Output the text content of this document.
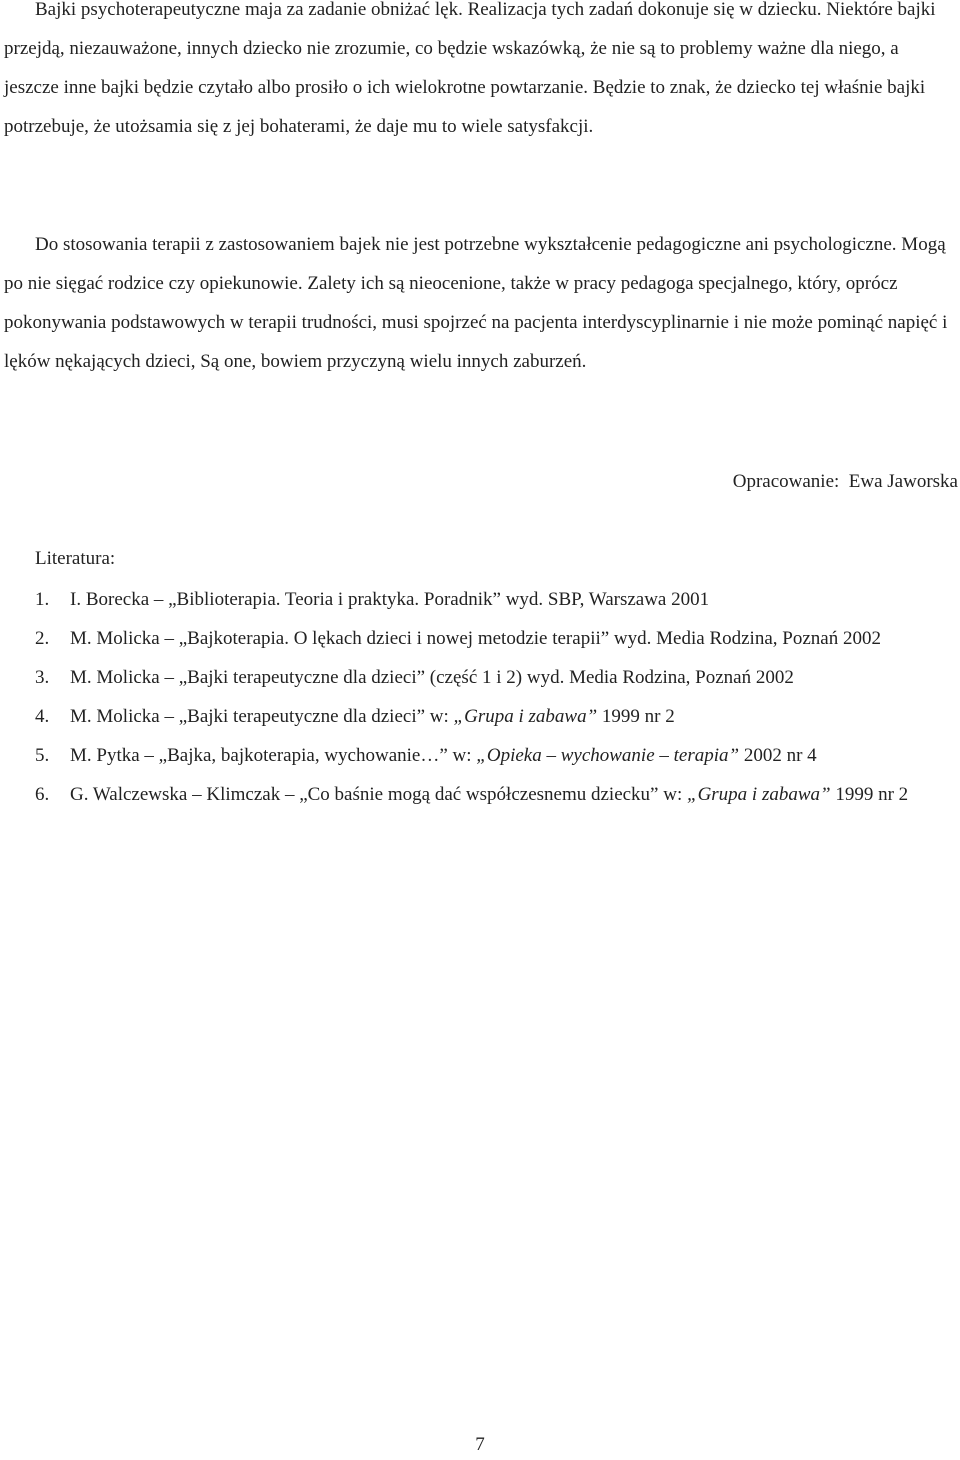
Bajki psychoterapeutyczne maja za zadanie obniżać lęk. Realizacja tych zadań dokonuje się w dziecku. Niektóre bajki przejdą, niezauważone, innych dziecko nie zrozumie, co będzie wskazówką, że nie są to problemy ważne dla niego, a jeszcze inne bajki będzie czytało albo prosiło o ich wielokrotne powtarzanie. Będzie to znak, że dziecko tej właśnie bajki potrzebuje, że utożsamia się z jej bohaterami, że daje mu to wiele satysfakcji.

Do stosowania terapii z zastosowaniem bajek nie jest potrzebne wykształcenie pedagogiczne ani psychologiczne. Mogą po nie sięgać rodzice czy opiekunowie. Zalety ich są nieocenione, także w pracy pedagoga specjalnego, który, oprócz pokonywania podstawowych w terapii trudności, musi spojrzeć na pacjenta interdyscyplinarnie i nie może pominąć napięć i lęków nękających dzieci, Są one, bowiem przyczyną wielu innych zaburzeń.

Opracowanie:  Ewa Jaworska
Literatura:
1. I. Borecka – „Biblioterapia. Teoria i praktyka. Poradnik” wyd. SBP, Warszawa 2001
2. M. Molicka – „Bajkoterapia. O lękach dzieci i nowej metodzie terapii” wyd. Media Rodzina, Poznań 2002
3. M. Molicka – „Bajki terapeutyczne dla dzieci” (część 1 i 2) wyd. Media Rodzina, Poznań 2002
4. M. Molicka – „Bajki terapeutyczne dla dzieci” w: „Grupa i zabawa” 1999 nr 2
5. M. Pytka – „Bajka, bajkoterapia, wychowanie…” w: „Opieka – wychowanie – terapia” 2002 nr 4
6. G. Walczewska – Klimczak – „Co baśnie mogą dać współczesnemu dziecku” w: „Grupa i zabawa” 1999 nr 2
7
